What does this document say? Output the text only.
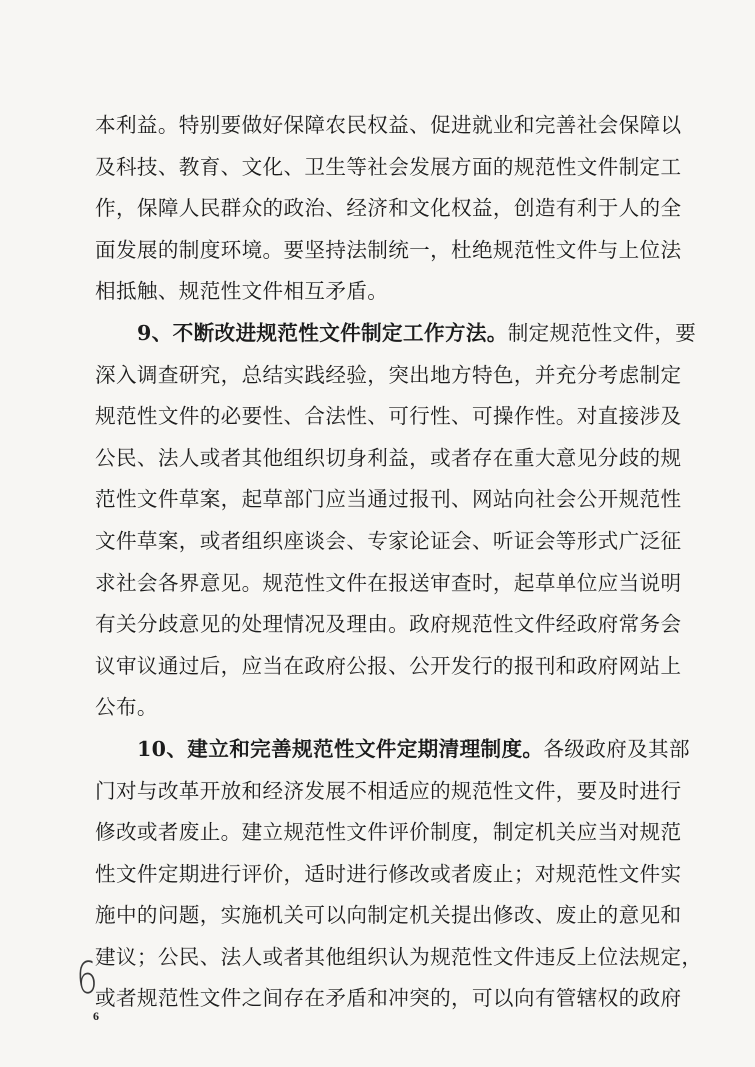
本利益。特别要做好保障农民权益、促进就业和完善社会保障以
及科技、教育、文化、卫生等社会发展方面的规范性文件制定工
作，保障人民群众的政治、经济和文化权益，创造有利于人的全
面发展的制度环境。要坚持法制统一，杜绝规范性文件与上位法
相抵触、规范性文件相互矛盾。
9、不断改进规范性文件制定工作方法。制定规范性文件，要
深入调查研究，总结实践经验，突出地方特色，并充分考虑制定
规范性文件的必要性、合法性、可行性、可操作性。对直接涉及
公民、法人或者其他组织切身利益，或者存在重大意见分歧的规
范性文件草案，起草部门应当通过报刊、网站向社会公开规范性
文件草案，或者组织座谈会、专家论证会、听证会等形式广泛征
求社会各界意见。规范性文件在报送审查时，起草单位应当说明
有关分歧意见的处理情况及理由。政府规范性文件经政府常务会
议审议通过后，应当在政府公报、公开发行的报刊和政府网站上
公布。
10、建立和完善规范性文件定期清理制度。各级政府及其部
门对与改革开放和经济发展不相适应的规范性文件，要及时进行
修改或者废止。建立规范性文件评价制度，制定机关应当对规范
性文件定期进行评价，适时进行修改或者废止；对规范性文件实
施中的问题，实施机关可以向制定机关提出修改、废止的意见和
建议；公民、法人或者其他组织认为规范性文件违反上位法规定，
或者规范性文件之间存在矛盾和冲突的，可以向有管辖权的政府
6
6
